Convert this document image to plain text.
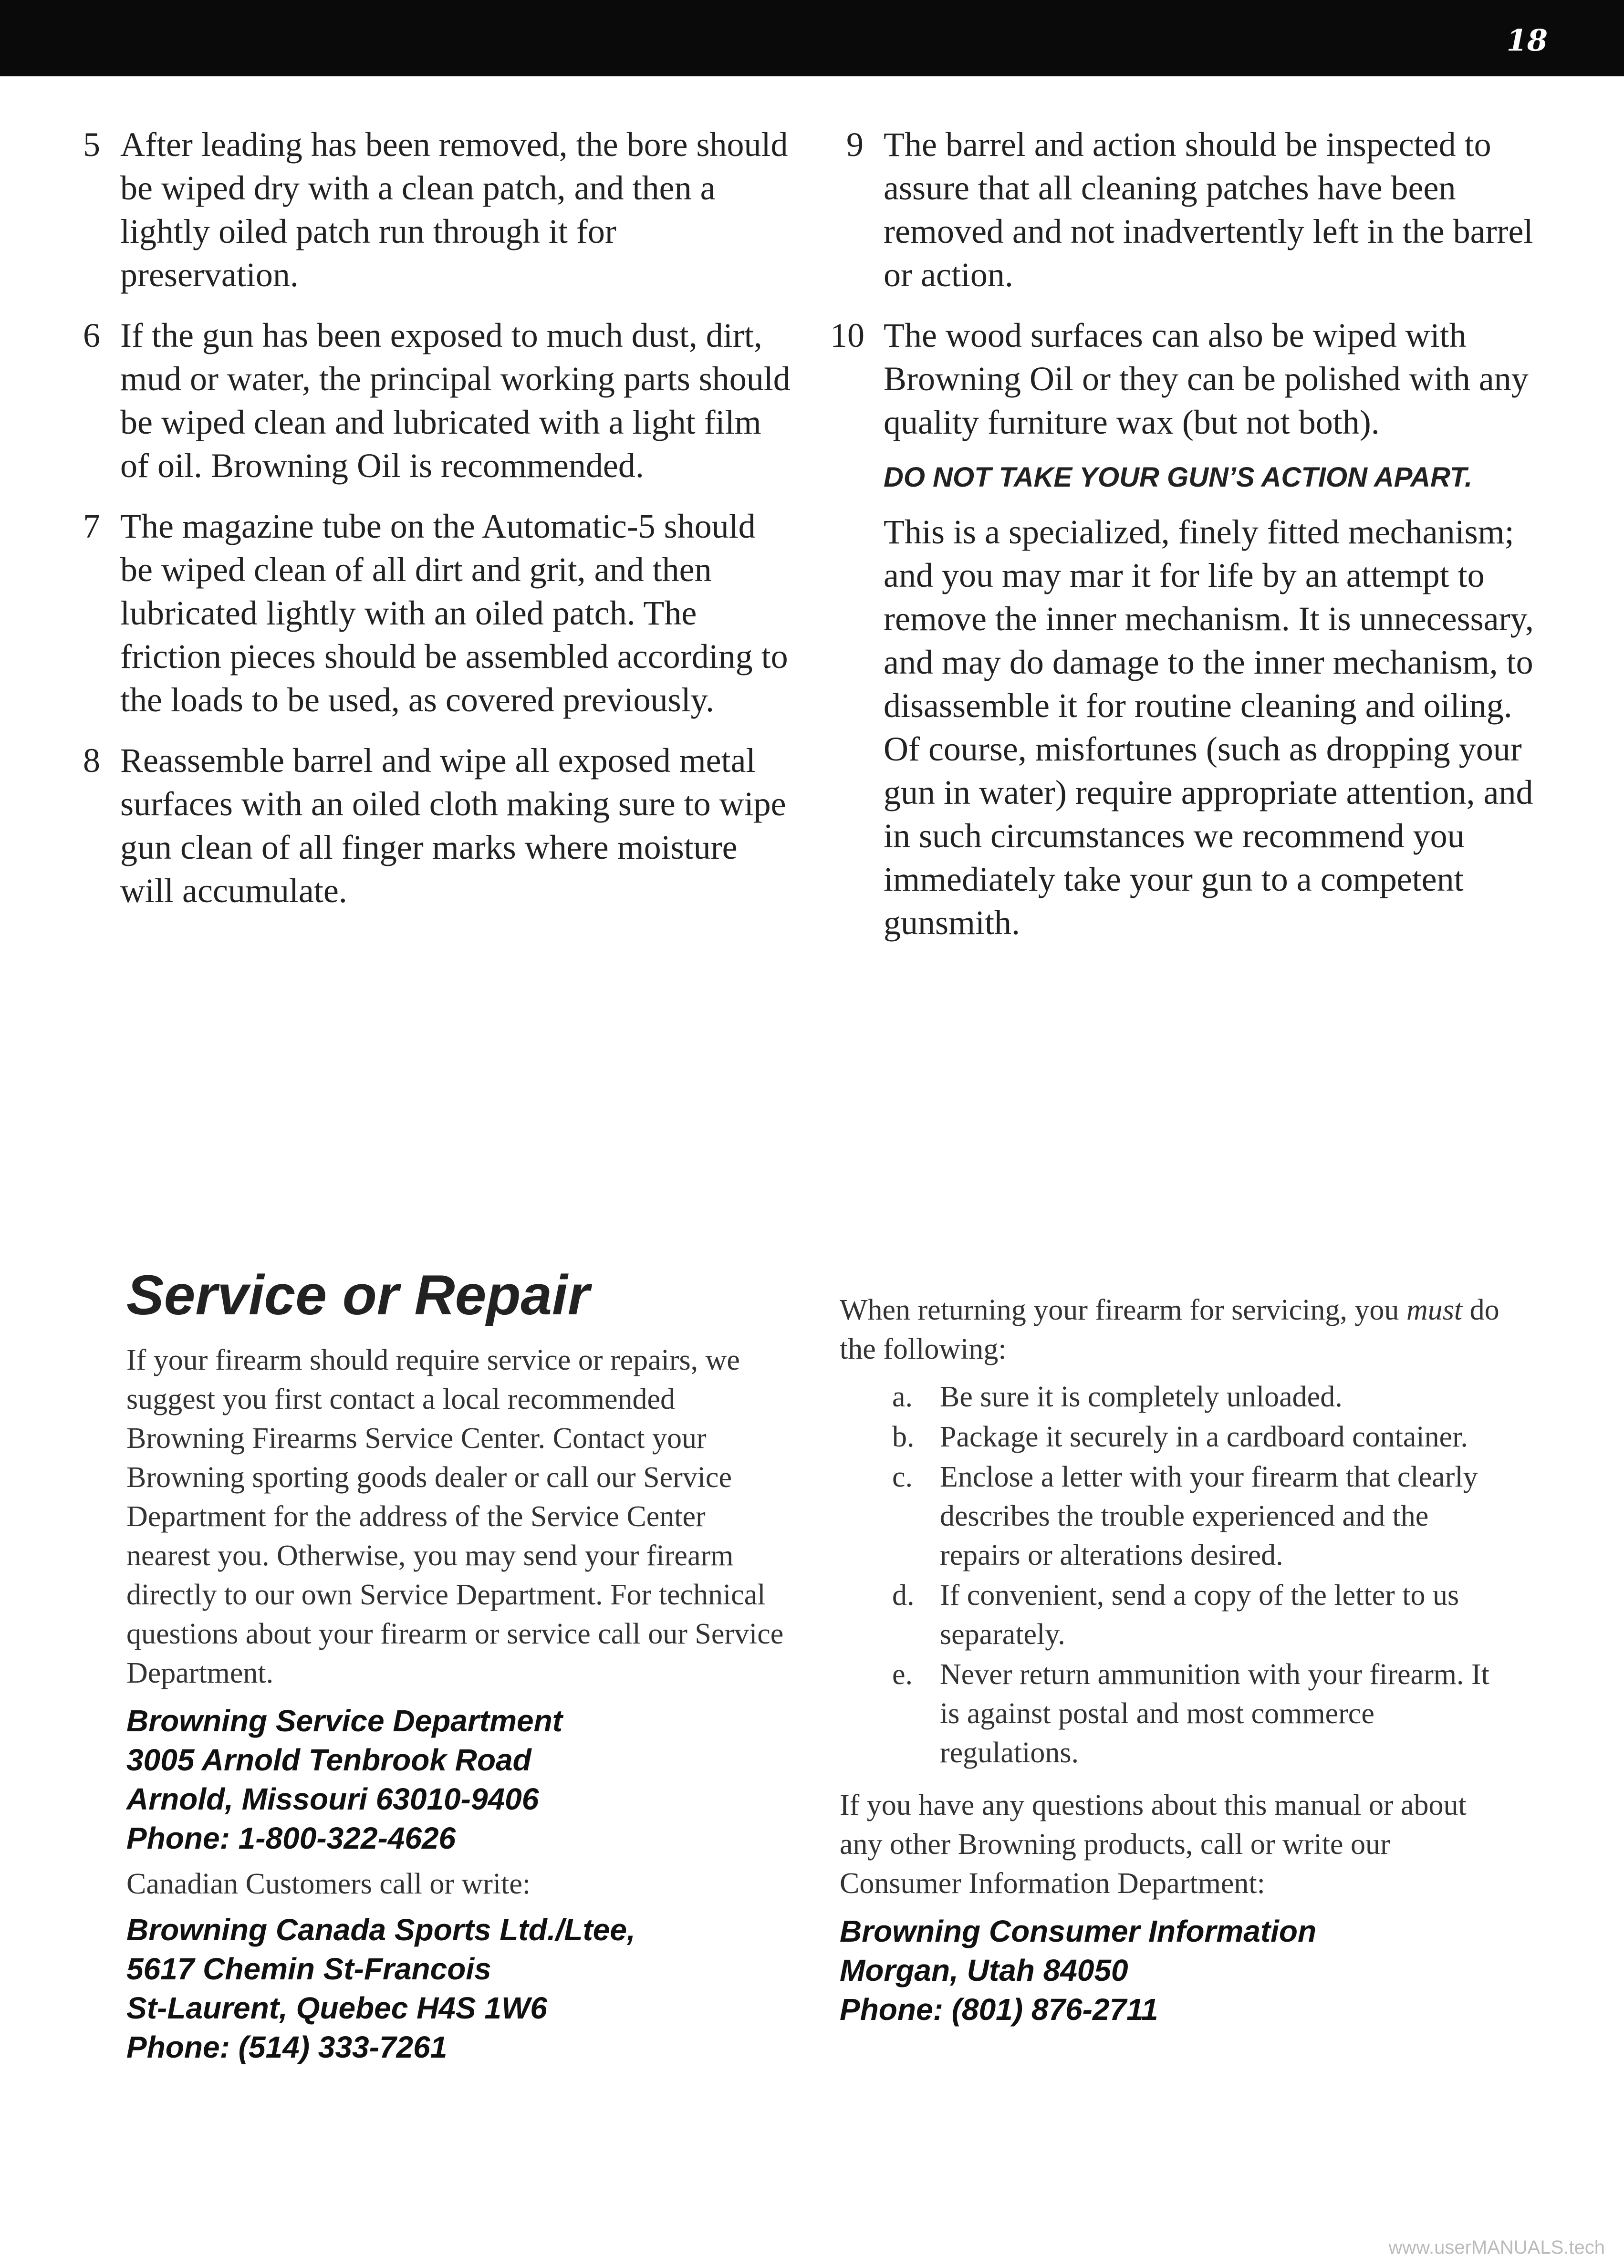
18
5 After leading has been removed, the bore should be wiped dry with a clean patch, and then a lightly oiled patch run through it for preservation.
6 If the gun has been exposed to much dust, dirt, mud or water, the principal working parts should be wiped clean and lubricated with a light film of oil. Browning Oil is recommended.
7 The magazine tube on the Automatic-5 should be wiped clean of all dirt and grit, and then lubricated lightly with an oiled patch. The friction pieces should be assembled according to the loads to be used, as covered previously.
8 Reassemble barrel and wipe all exposed metal surfaces with an oiled cloth making sure to wipe gun clean of all finger marks where moisture will accumulate.
9 The barrel and action should be inspected to assure that all cleaning patches have been removed and not inadvertently left in the barrel or action.
10 The wood surfaces can also be wiped with Browning Oil or they can be polished with any quality furniture wax (but not both).
DO NOT TAKE YOUR GUN’S ACTION APART.
This is a specialized, finely fitted mechanism; and you may mar it for life by an attempt to remove the inner mechanism. It is unnecessary, and may do damage to the inner mechanism, to disassemble it for routine cleaning and oiling. Of course, misfortunes (such as dropping your gun in water) require appropriate attention, and in such circumstances we recommend you immediately take your gun to a competent gunsmith.
Service or Repair
If your firearm should require service or repairs, we suggest you first contact a local recommended Browning Firearms Service Center. Contact your Browning sporting goods dealer or call our Service Department for the address of the Service Center nearest you. Otherwise, you may send your firearm directly to our own Service Department. For technical questions about your firearm or service call our Service Department.
Browning Service Department
3005 Arnold Tenbrook Road
Arnold, Missouri 63010-9406
Phone: 1-800-322-4626
Canadian Customers call or write:
Browning Canada Sports Ltd./Ltee,
5617 Chemin St-Francois
St-Laurent, Quebec H4S 1W6
Phone: (514) 333-7261
When returning your firearm for servicing, you must do the following:
a. Be sure it is completely unloaded.
b. Package it securely in a cardboard container.
c. Enclose a letter with your firearm that clearly describes the trouble experienced and the repairs or alterations desired.
d. If convenient, send a copy of the letter to us separately.
e. Never return ammunition with your firearm. It is against postal and most commerce regulations.
If you have any questions about this manual or about any other Browning products, call or write our Consumer Information Department:
Browning Consumer Information
Morgan, Utah 84050
Phone: (801) 876-2711
www.userMANUALS.tech
